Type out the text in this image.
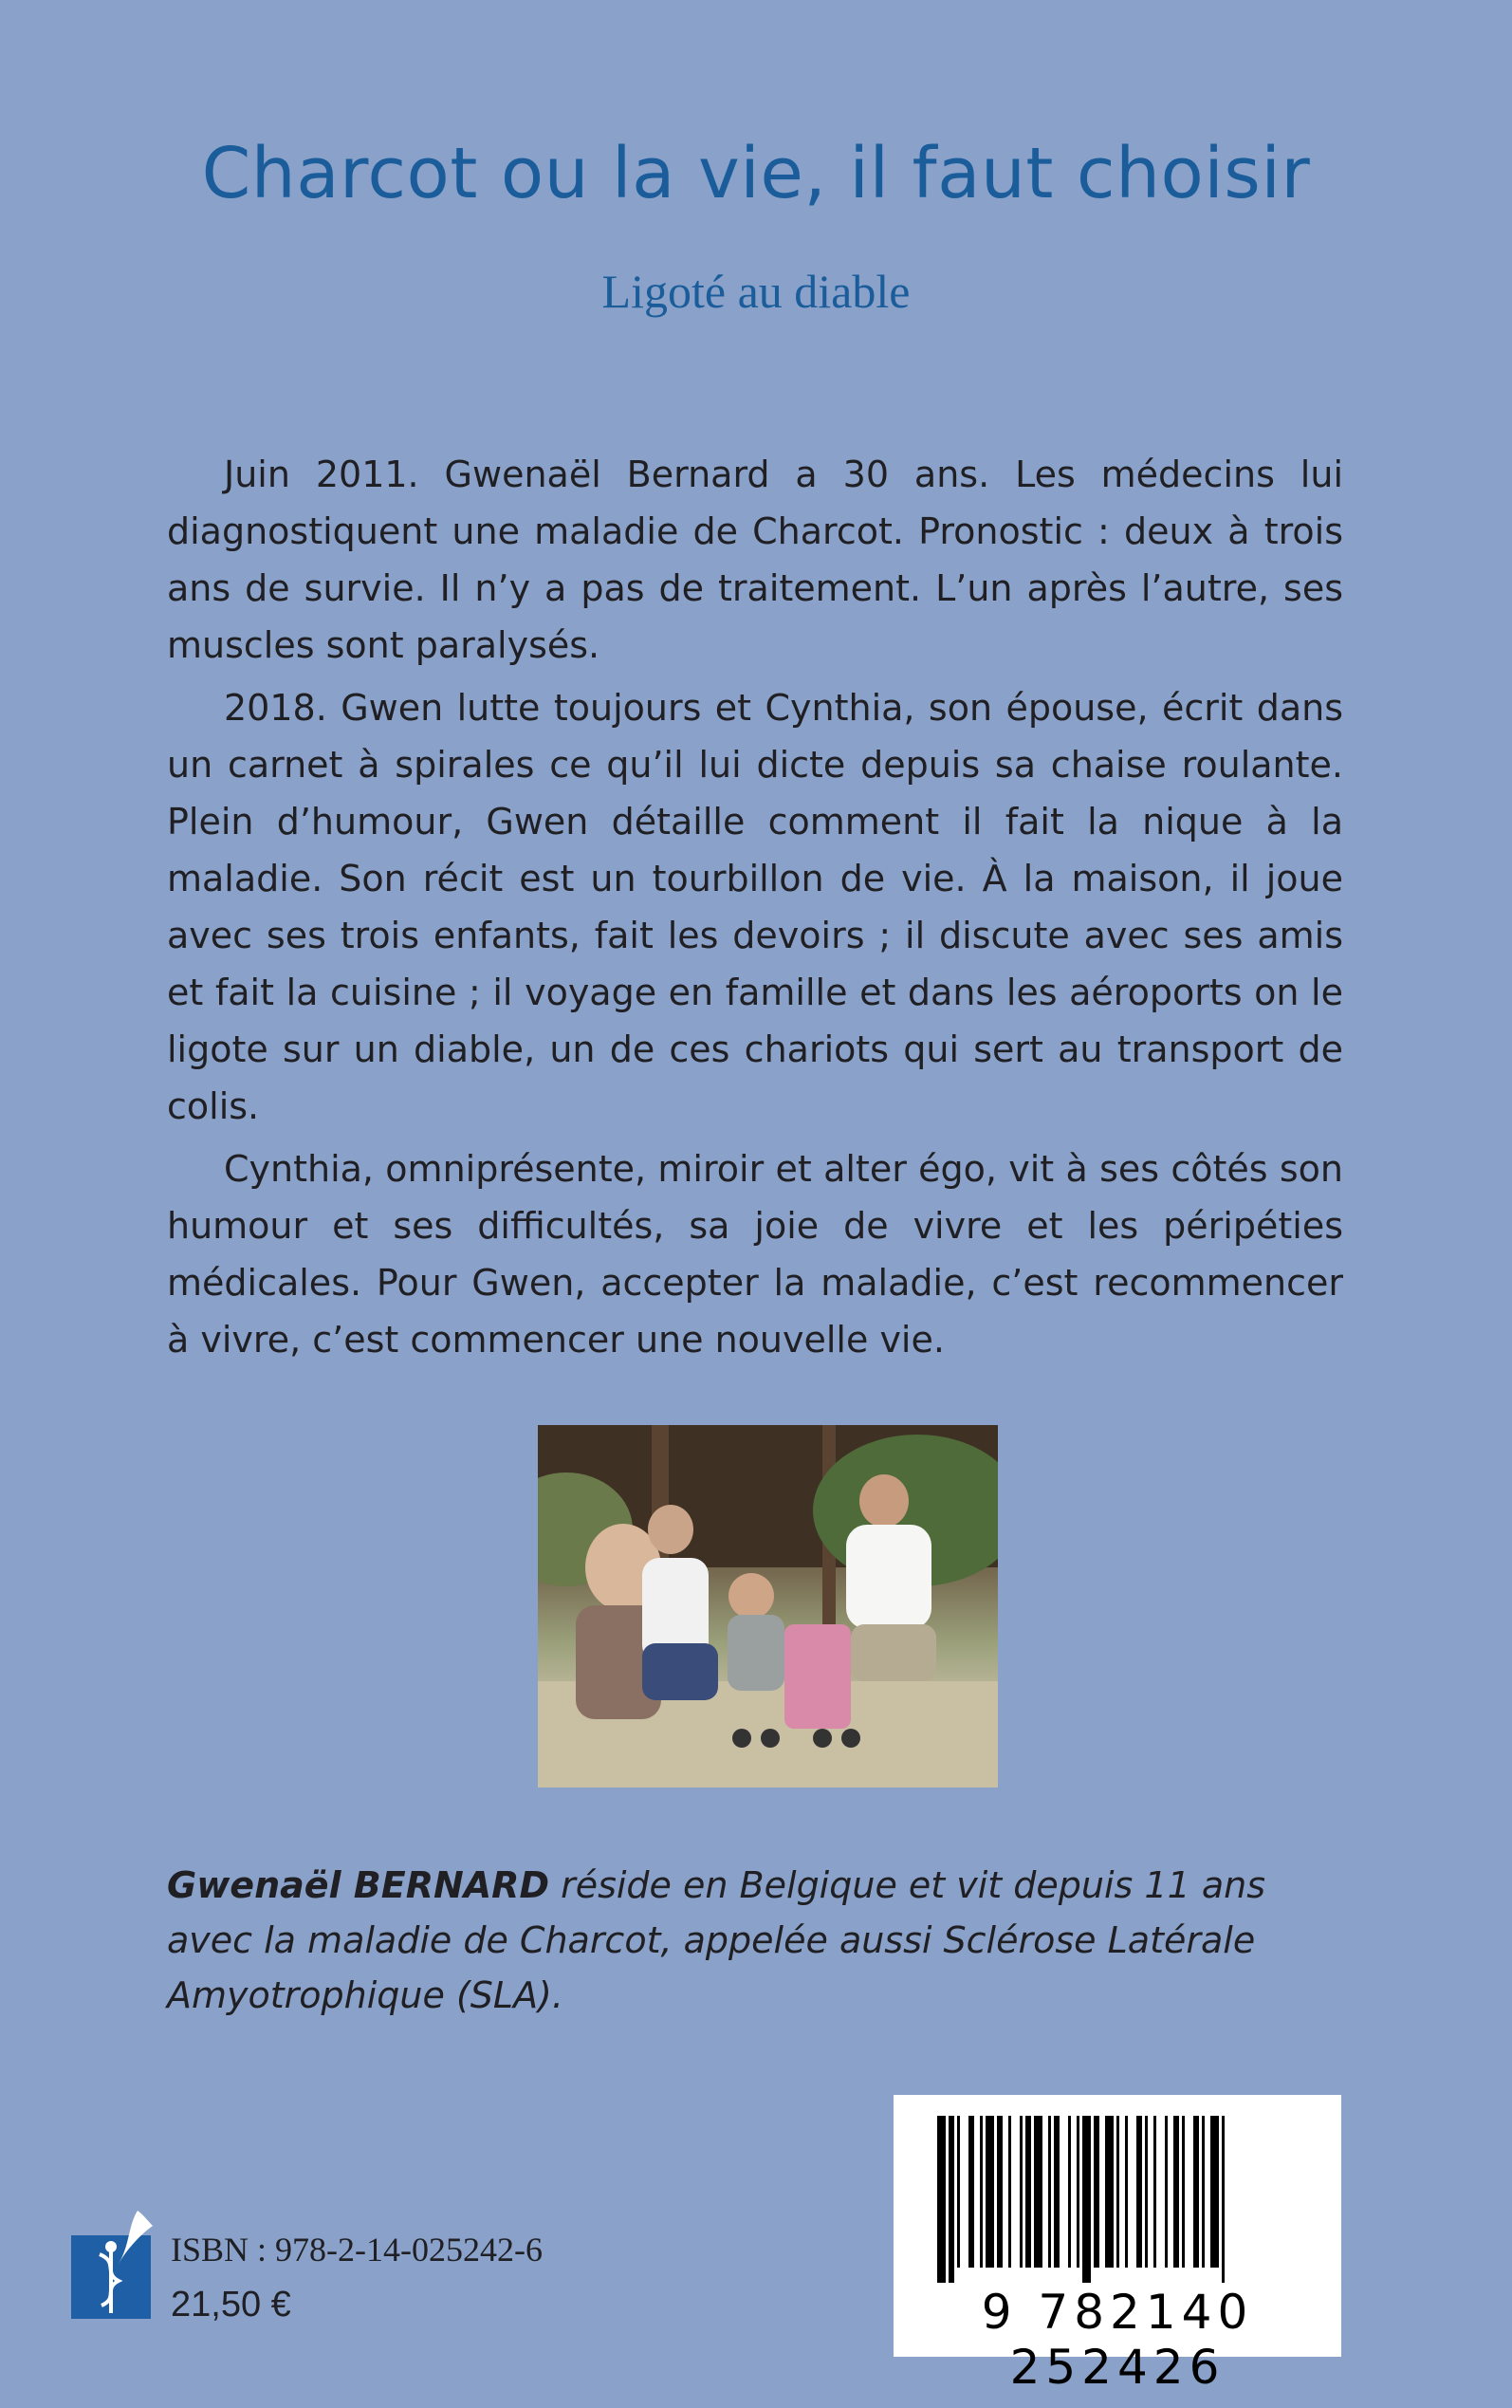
Charcot ou la vie, il faut choisir
Ligoté au diable

Juin 2011. Gwenaël Bernard a 30 ans. Les médecins lui diagnostiquent une maladie de Charcot. Pronostic : deux à trois ans de survie. Il n’y a pas de traitement. L’un après l’autre, ses muscles sont paralysés.

2018. Gwen lutte toujours et Cynthia, son épouse, écrit dans un carnet à spirales ce qu’il lui dicte depuis sa chaise roulante. Plein d’humour, Gwen détaille comment il fait la nique à la maladie. Son récit est un tourbillon de vie. À la maison, il joue avec ses trois enfants, fait les devoirs ; il discute avec ses amis et fait la cuisine ; il voyage en famille et dans les aéroports on le ligote sur un diable, un de ces chariots qui sert au transport de colis.

Cynthia, omniprésente, miroir et alter égo, vit à ses côtés son humour et ses difficultés, sa joie de vivre et les péripéties médicales. Pour Gwen, accepter la maladie, c’est recommencer à vivre, c’est commencer une nouvelle vie.

Gwenaël BERNARD réside en Belgique et vit depuis 11 ans avec la maladie de Charcot, appelée aussi Sclérose Latérale Amyotrophique (SLA).
ISBN : 978-2-14-025242-6
21,50 €	9 782140 252426
